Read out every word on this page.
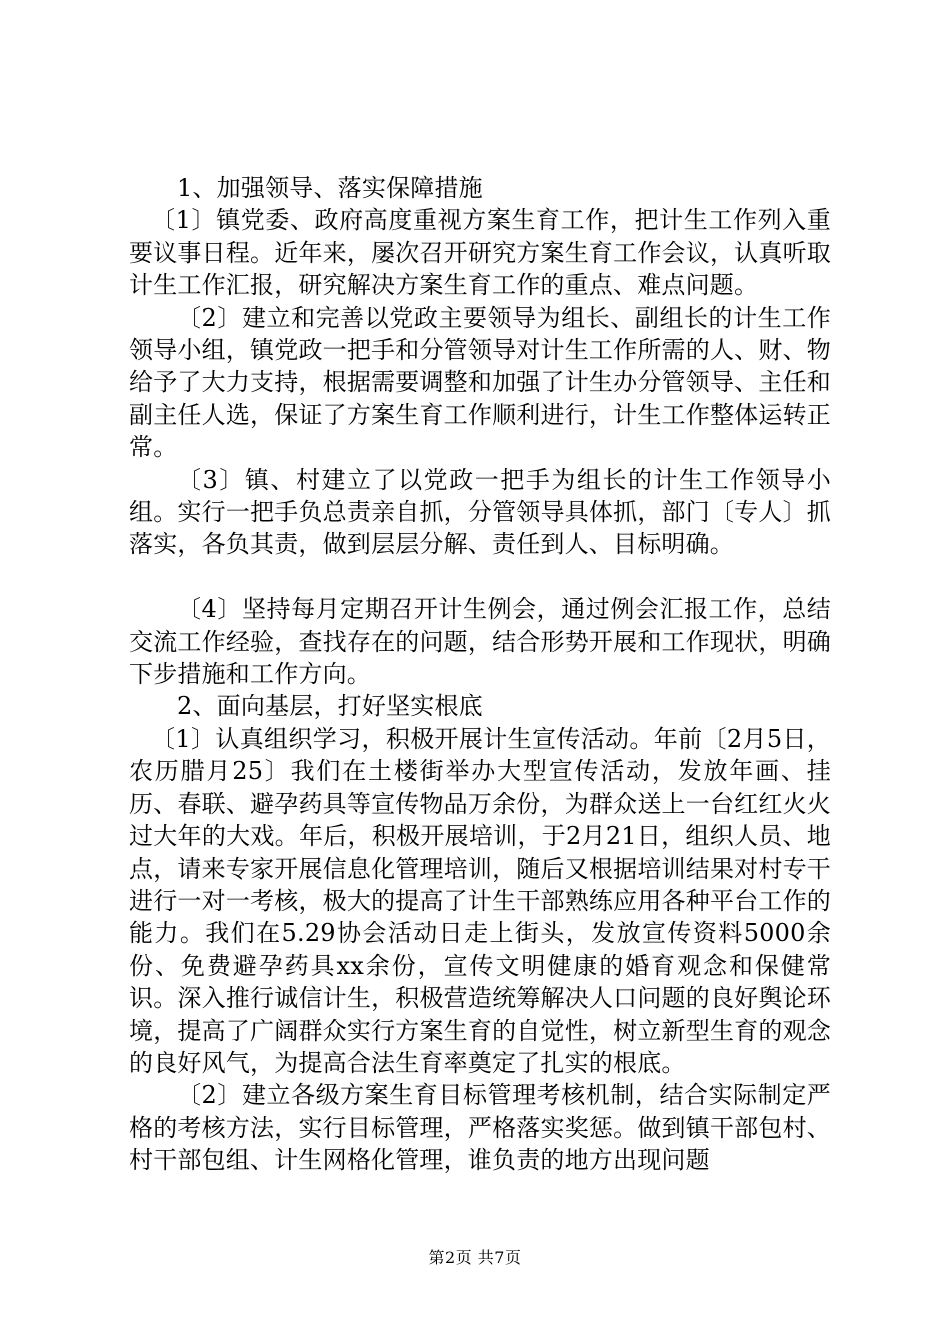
1、加强领导、落实保障措施

〔1〕镇党委、政府高度重视方案生育工作，把计生工作列入重要议事日程。近年来，屡次召开研究方案生育工作会议，认真听取计生工作汇报，研究解决方案生育工作的重点、难点问题。

〔2〕建立和完善以党政主要领导为组长、副组长的计生工作领导小组，镇党政一把手和分管领导对计生工作所需的人、财、物给予了大力支持，根据需要调整和加强了计生办分管领导、主任和副主任人选，保证了方案生育工作顺利进行，计生工作整体运转正常。

〔3〕镇、村建立了以党政一把手为组长的计生工作领导小组。实行一把手负总责亲自抓，分管领导具体抓，部门〔专人〕抓落实，各负其责，做到层层分解、责任到人、目标明确。

〔4〕坚持每月定期召开计生例会，通过例会汇报工作，总结交流工作经验，查找存在的问题，结合形势开展和工作现状，明确下步措施和工作方向。

2、面向基层，打好坚实根底

〔1〕认真组织学习，积极开展计生宣传活动。年前〔2月5日，农历腊月25〕我们在土楼街举办大型宣传活动，发放年画、挂历、春联、避孕药具等宣传物品万余份，为群众送上一台红红火火过大年的大戏。年后，积极开展培训，于2月21日，组织人员、地点，请来专家开展信息化管理培训，随后又根据培训结果对村专干进行一对一考核，极大的提高了计生干部熟练应用各种平台工作的能力。我们在5.29协会活动日走上街头，发放宣传资料5000余份、免费避孕药具xx余份，宣传文明健康的婚育观念和保健常识。深入推行诚信计生，积极营造统筹解决人口问题的良好舆论环境，提高了广阔群众实行方案生育的自觉性，树立新型生育的观念的良好风气，为提高合法生育率奠定了扎实的根底。

〔2〕建立各级方案生育目标管理考核机制，结合实际制定严格的考核方法，实行目标管理，严格落实奖惩。做到镇干部包村、村干部包组、计生网格化管理，谁负责的地方出现问题

第2页 共7页
